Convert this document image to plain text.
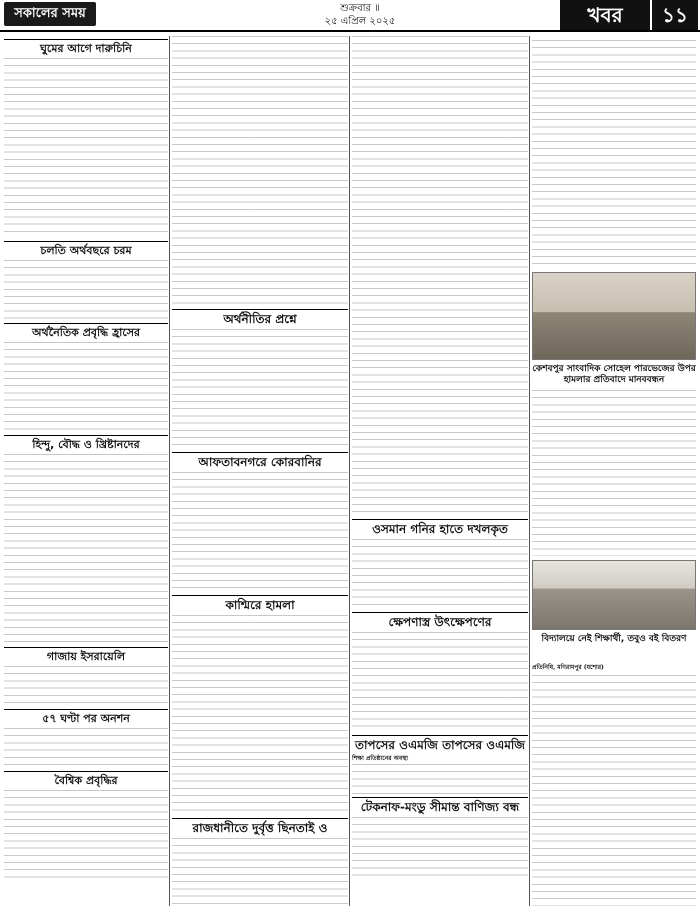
সকালের সময়	শুক্রবার ॥
২৫ এপ্রিল ২০২৫	খবর	১১
ঘুমের আগে দারুচিনি
চলতি অর্থবছরে চরম
অর্থনৈতিক প্রবৃদ্ধি হ্রাসের
হিন্দু, বৌদ্ধ ও খ্রিষ্টানদের
গাজায় ইসরায়েলি
৫৭ ঘণ্টা পর অনশন
বৈশ্বিক প্রবৃদ্ধির
অর্থনীতির প্রশ্নে
আফতাবনগরে কোরবানির
কাশ্মিরে হামলা
রাজধানীতে দুর্বৃত্ত ছিনতাই ও
ওসমান গনির হাতে দখলকৃত
ক্ষেপণাস্ত্র উৎক্ষেপণের
তাপসের ওএমজি তাপসের ওএমজি
শিক্ষা প্রতিষ্ঠানের অবস্থা
টেকনাফ-মংডু সীমান্ত বাণিজ্য বন্ধ
কেশবপুর সাংবাদিক সোহেল পারভেজের উপর হামলার প্রতিবাদে মানববন্ধন
বিদ্যালয়ে নেই শিক্ষার্থী, তবুও বই বিতরণ
প্রতিনিধি, মণিরামপুর (যশোর)
